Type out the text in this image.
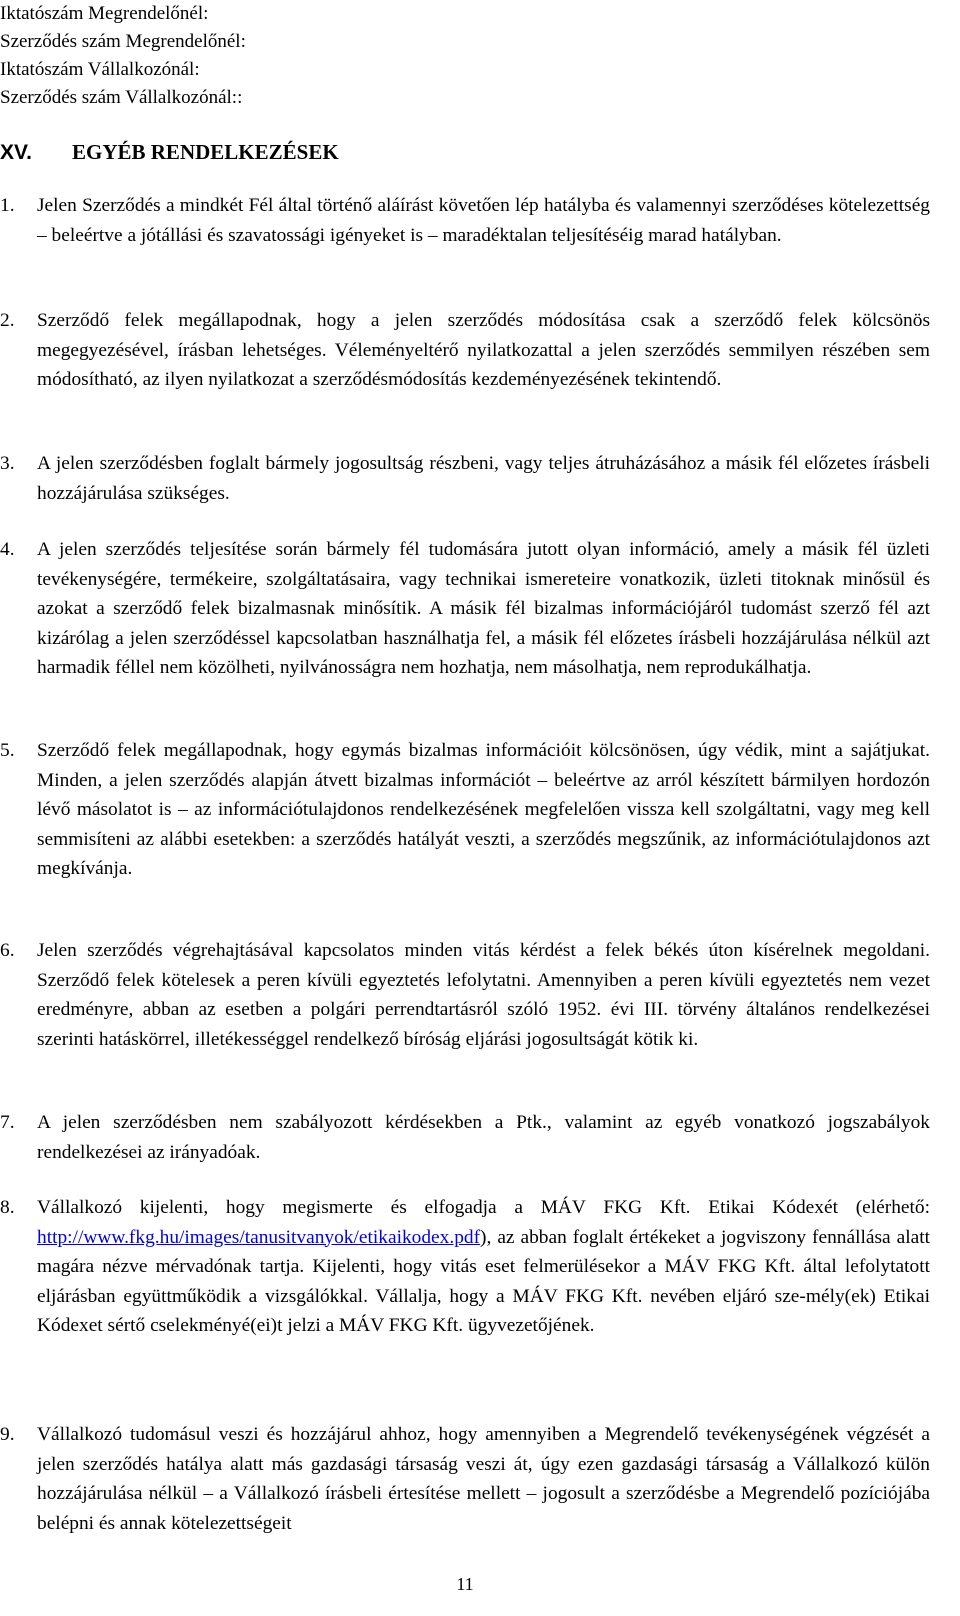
Iktatószám Megrendelőnél:
Szerződés szám Megrendelőnél:
Iktatószám Vállalkozónál:
Szerződés szám Vállalkozónál::
XV. EGYÉB RENDELKEZÉSEK
1. Jelen Szerződés a mindkét Fél által történő aláírást követően lép hatályba és valamennyi szerződéses kötelezettség – beleértve a jótállási és szavatossági igényeket is – maradéktalan teljesítéséig marad hatályban.
2. Szerződő felek megállapodnak, hogy a jelen szerződés módosítása csak a szerződő felek kölcsönös megegyezésével, írásban lehetséges. Véleményeltérő nyilatkozattal a jelen szerződés semmilyen részében sem módosítható, az ilyen nyilatkozat a szerződésmódosítás kezdeményezésének tekintendő.
3. A jelen szerződésben foglalt bármely jogosultság részbeni, vagy teljes átruházásához a másik fél előzetes írásbeli hozzájárulása szükséges.
4. A jelen szerződés teljesítése során bármely fél tudomására jutott olyan információ, amely a másik fél üzleti tevékenységére, termékeire, szolgáltatásaira, vagy technikai ismereteire vonatkozik, üzleti titoknak minősül és azokat a szerződő felek bizalmasnak minősítik. A másik fél bizalmas információjáról tudomást szerző fél azt kizárólag a jelen szerződéssel kapcsolatban használhatja fel, a másik fél előzetes írásbeli hozzájárulása nélkül azt harmadik féllel nem közölheti, nyilvánosságra nem hozhatja, nem másolhatja, nem reprodukálhatja.
5. Szerződő felek megállapodnak, hogy egymás bizalmas információit kölcsönösen, úgy védik, mint a sajátjukat. Minden, a jelen szerződés alapján átvett bizalmas információt – beleértve az arról készített bármilyen hordozón lévő másolatot is – az információtulajdonos rendelkezésének megfelelően vissza kell szolgáltatni, vagy meg kell semmisíteni az alábbi esetekben: a szerződés hatályát veszti, a szerződés megszűnik, az információtulajdonos azt megkívánja.
6. Jelen szerződés végrehajtásával kapcsolatos minden vitás kérdést a felek békés úton kísérelnek megoldani. Szerződő felek kötelesek a peren kívüli egyeztetés lefolytatni. Amennyiben a peren kívüli egyeztetés nem vezet eredményre, abban az esetben a polgári perrendtartásról szóló 1952. évi III. törvény általános rendelkezései szerinti hatáskörrel, illetékességgel rendelkező bíróság eljárási jogosultságát kötik ki.
7. A jelen szerződésben nem szabályozott kérdésekben a Ptk., valamint az egyéb vonatkozó jogszabályok rendelkezései az irányadóak.
8. Vállalkozó kijelenti, hogy megismerte és elfogadja a MÁV FKG Kft. Etikai Kódexét (elérhető: http://www.fkg.hu/images/tanusitvanyok/etikaikodex.pdf), az abban foglalt értékeket a jogviszony fennállása alatt magára nézve mérvadónak tartja. Kijelenti, hogy vitás eset felmerülésekor a MÁV FKG Kft. által lefolytatott eljárásban együttműködik a vizsgálókkal. Vállalja, hogy a MÁV FKG Kft. nevében eljáró sze-mély(ek) Etikai Kódexet sértő cselekményé(ei)t jelzi a MÁV FKG Kft. ügyvezetőjének.
9. Vállalkozó tudomásul veszi és hozzájárul ahhoz, hogy amennyiben a Megrendelő tevékenységének végzését a jelen szerződés hatálya alatt más gazdasági társaság veszi át, úgy ezen gazdasági társaság a Vállalkozó külön hozzájárulása nélkül – a Vállalkozó írásbeli értesítése mellett – jogosult a szerződésbe a Megrendelő pozíciójába belépni és annak kötelezettségeit
11
